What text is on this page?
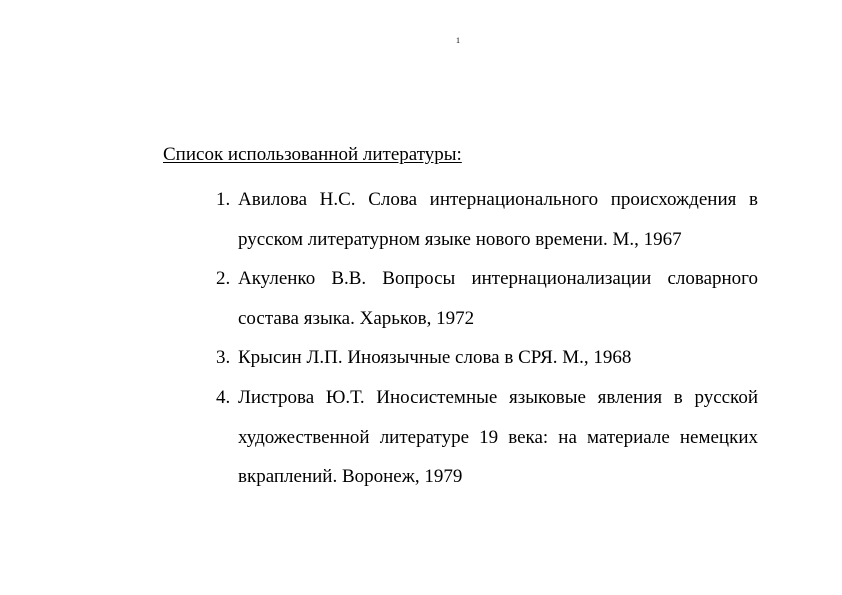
1
Список использованной литературы:
1. Авилова Н.С. Слова интернационального происхождения в русском литературном языке нового времени. М., 1967
2. Акуленко В.В. Вопросы интернационализации словарного состава языка. Харьков, 1972
3. Крысин Л.П. Иноязычные слова в СРЯ. М., 1968
4. Листрова Ю.Т. Иносистемные языковые явления в русской художественной литературе 19 века: на материале немецких вкраплений. Воронеж, 1979
